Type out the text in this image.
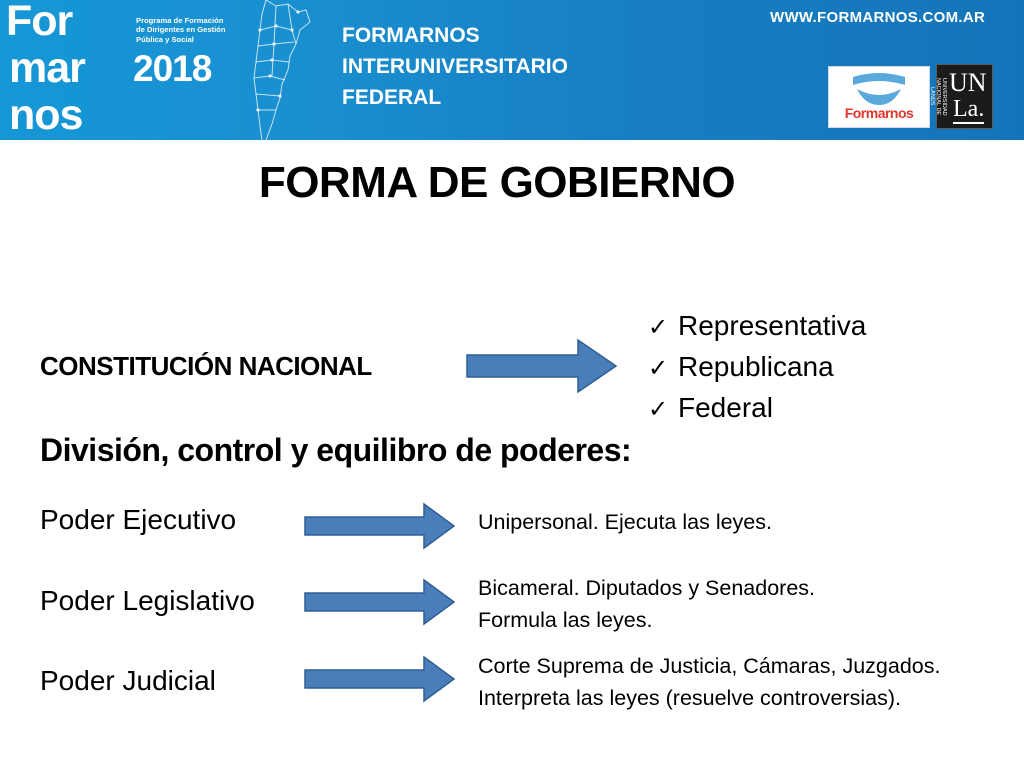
For
mar
nos
Programa de Formación
de Dirigentes en Gestión
Pública y Social
2018
FORMARNOS
INTERUNIVERSITARIO
FEDERAL
WWW.FORMARNOS.COM.AR
Formarnos	UNIVERSIDAD NACIONAL DE LANÚS UN
La.
FORMA DE GOBIERNO
CONSTITUCIÓN NACIONAL
✓ Representativa
✓ Republicana
✓ Federal
División, control y equilibro de poderes:
Poder Ejecutivo	Unipersonal. Ejecuta las leyes.
Poder Legislativo	Bicameral. Diputados y Senadores.
Formula las leyes.
Poder Judicial	Corte Suprema de Justicia, Cámaras, Juzgados.
Interpreta las leyes (resuelve controversias).
